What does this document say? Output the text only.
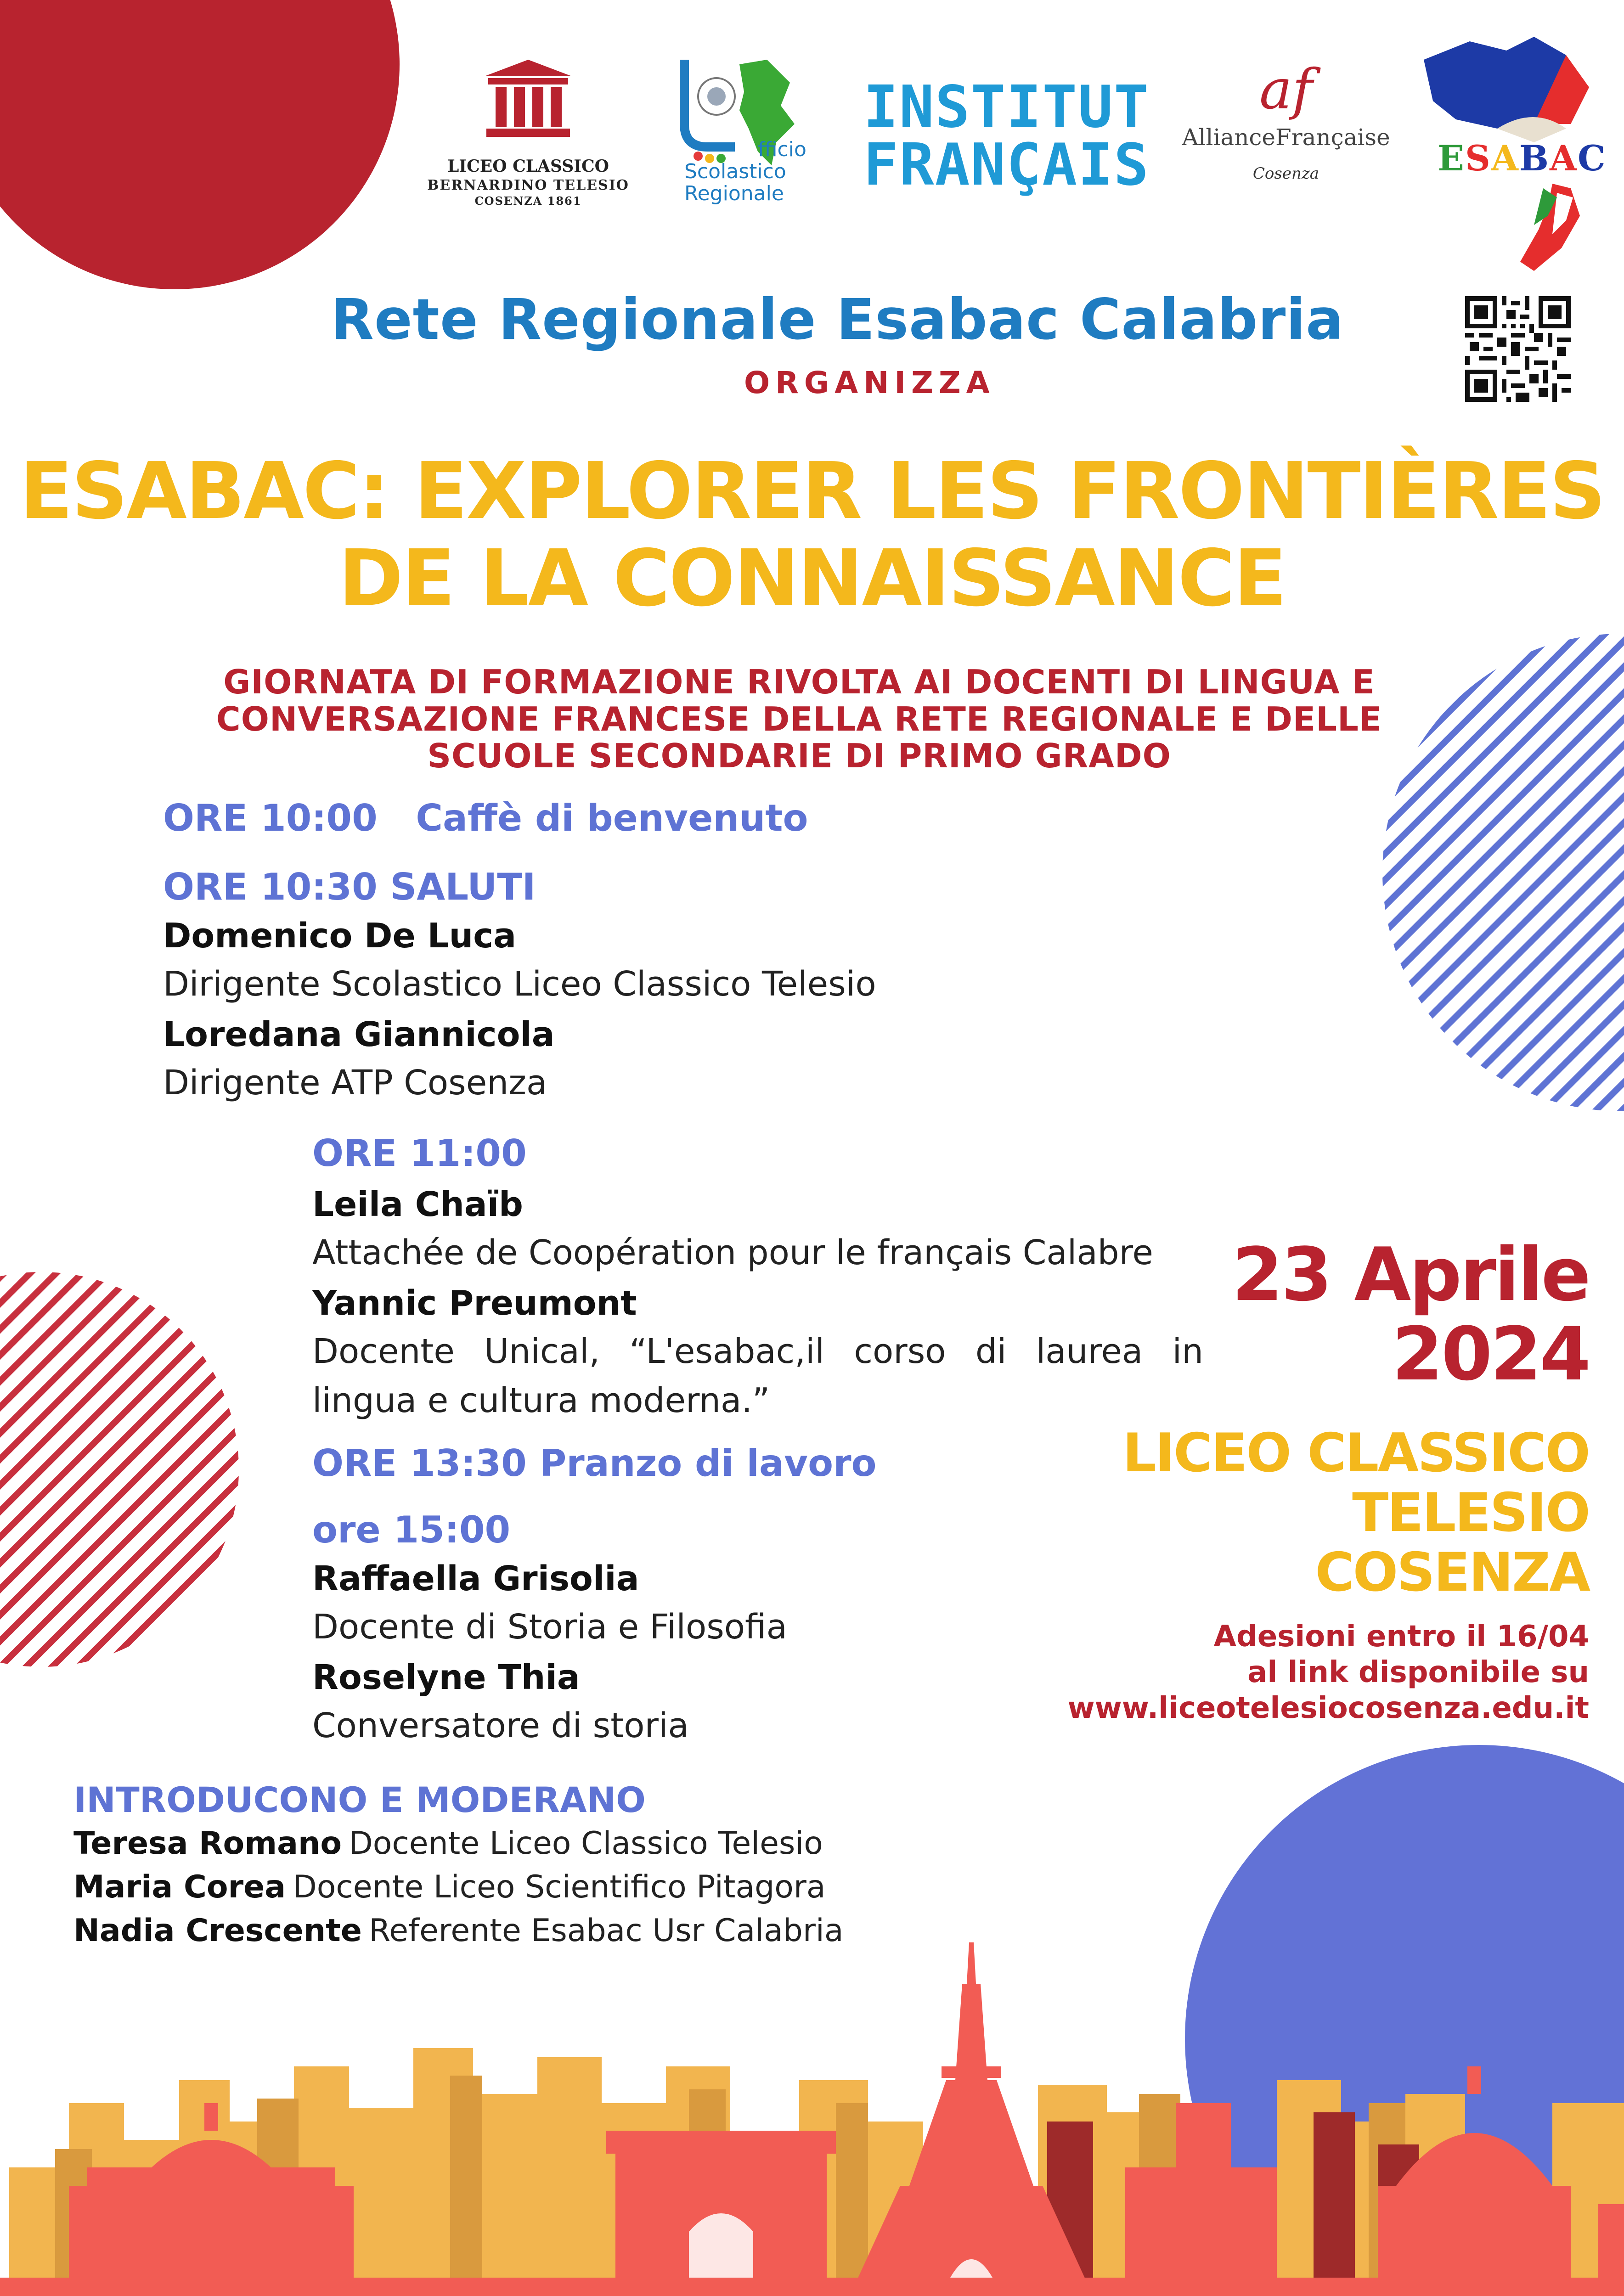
LICEO CLASSICO
BERNARDINO TELESIO
COSENZA 1861
fficio
Scolastico
Regionale
INSTITUT
FRANÇAIS
af
AllianceFrançaise
Cosenza	ESABAC
Rete Regionale Esabac Calabria
ORGANIZZA
ESABAC: EXPLORER LES FRONTIÈRES
DE LA CONNAISSANCE
GIORNATA DI FORMAZIONE RIVOLTA AI DOCENTI DI LINGUA E
CONVERSAZIONE FRANCESE DELLA RETE REGIONALE E DELLE
SCUOLE SECONDARIE DI PRIMO GRADO
ORE 10:00 Caffè di benvenuto
ORE 10:30 SALUTI
Domenico De Luca
Dirigente Scolastico Liceo Classico Telesio
Loredana Giannicola
Dirigente ATP Cosenza
ORE 11:00
Leila Chaïb
Attachée de Coopération pour le français Calabre
Yannic Preumont
Docente Unical, “L'esabac,il corso di laurea in lingua e cultura moderna.”
ORE 13:30 Pranzo di lavoro
ore 15:00
Raffaella Grisolia
Docente di Storia e Filosofia
Roselyne Thia
Conversatore di storia
23 Aprile
2024
LICEO CLASSICO
TELESIO
COSENZA
Adesioni entro il 16/04
al link disponibile su
www.liceotelesiocosenza.edu.it
INTRODUCONO E MODERANO
Teresa Romano Docente Liceo Classico Telesio
Maria Corea Docente Liceo Scientifico Pitagora
Nadia Crescente Referente Esabac Usr Calabria
